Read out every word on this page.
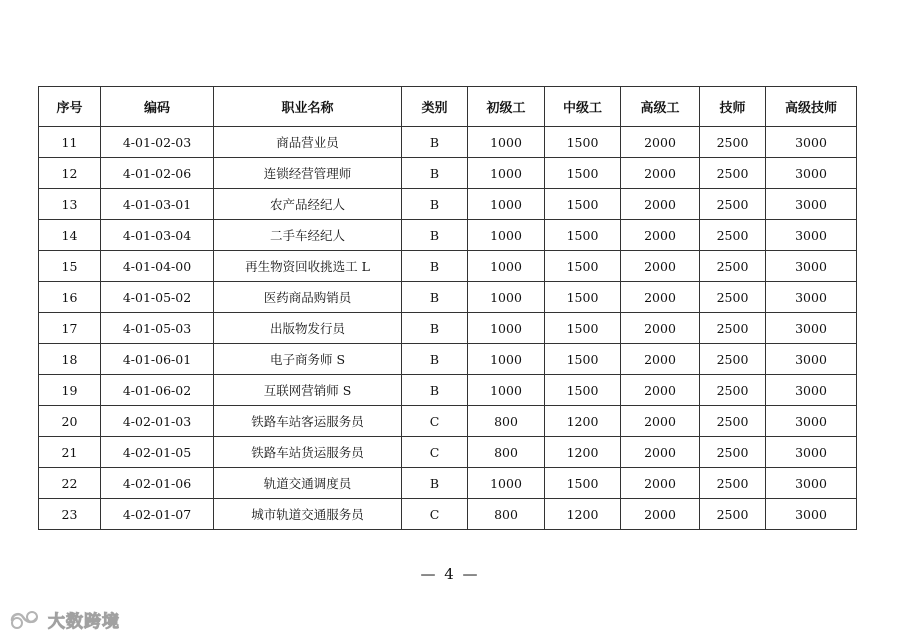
序号	编码	职业名称	类别	初级工	中级工	高级工	技师	高级技师
11	4-01-02-03	商品营业员	B	1000	1500	2000	2500	3000
12	4-01-02-06	连锁经营管理师	B	1000	1500	2000	2500	3000
13	4-01-03-01	农产品经纪人	B	1000	1500	2000	2500	3000
14	4-01-03-04	二手车经纪人	B	1000	1500	2000	2500	3000
15	4-01-04-00	再生物资回收挑选工 L	B	1000	1500	2000	2500	3000
16	4-01-05-02	医药商品购销员	B	1000	1500	2000	2500	3000
17	4-01-05-03	出版物发行员	B	1000	1500	2000	2500	3000
18	4-01-06-01	电子商务师 S	B	1000	1500	2000	2500	3000
19	4-01-06-02	互联网营销师 S	B	1000	1500	2000	2500	3000
20	4-02-01-03	铁路车站客运服务员	C	800	1200	2000	2500	3000
21	4-02-01-05	铁路车站货运服务员	C	800	1200	2000	2500	3000
22	4-02-01-06	轨道交通调度员	B	1000	1500	2000	2500	3000
23	4-02-01-07	城市轨道交通服务员	C	800	1200	2000	2500	3000
— 4 —
大数跨境
